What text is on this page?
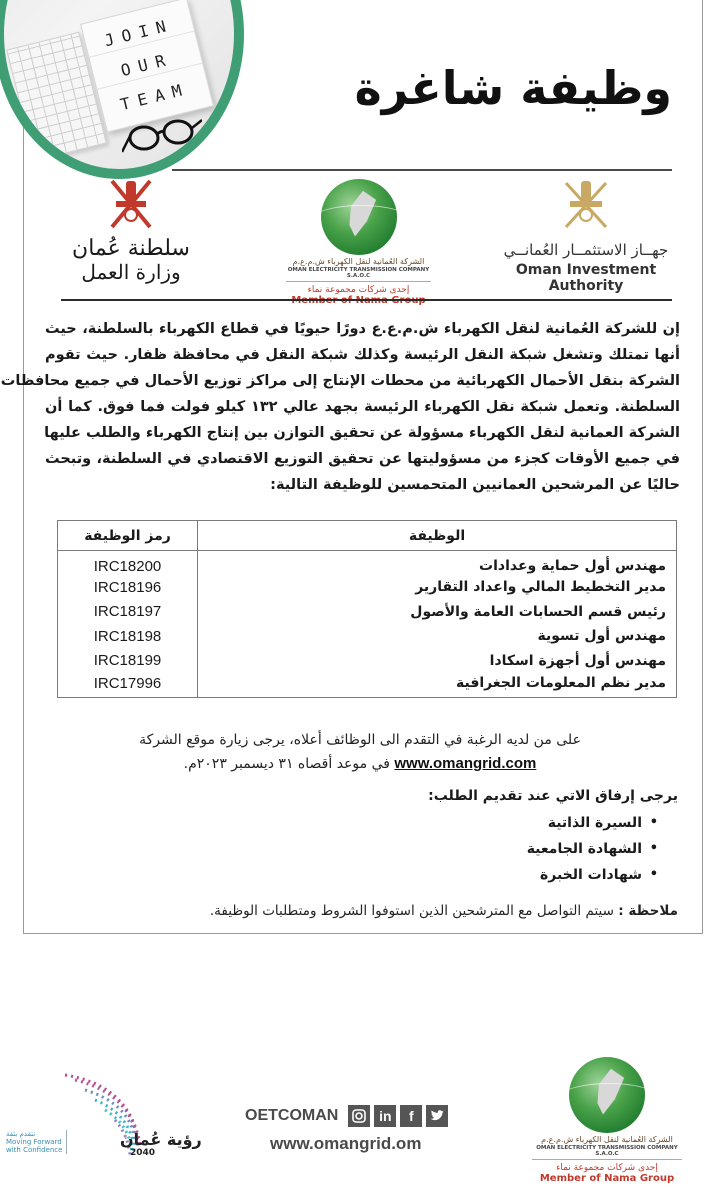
JOIN
OUR
TEAM	وظيفة شاغرة
سلطنة عُمان
وزارة العمل	الشركة العُمانية لنقل الكهرباء ش.م.ع.م
OMAN ELECTRICITY TRANSMISSION COMPANY S.A.O.C
إحدى شركات مجموعة نماء
جهــاز الاستثمــار العُمانــي
Oman Investment Authority
إن للشركة العُمانية لنقل الكهرباء ش.م.ع.ع دورًا حيويًا في قطاع الكهرباء بالسلطنة، حيث
أنها تمتلك وتشغل شبكة النقل الرئيسة وكذلك شبكة النقل في محافظة ظفار. حيث تقوم
الشركة بنقل الأحمال الكهربائية من محطات الإنتاج إلى مراكز توزيع الأحمال في جميع محافظات
السلطنة. وتعمل شبكة نقل الكهرباء الرئيسة بجهد عالي ١٣٢ كيلو فولت فما فوق. كما أن
الشركة العمانية لنقل الكهرباء مسؤولة عن تحقيق التوازن بين إنتاج الكهرباء والطلب عليها
في جميع الأوقات كجزء من مسؤوليتها عن تحقيق التوزيع الاقتصادي في السلطنة، وتبحث
حاليًا عن المرشحين العمانيين المتحمسين للوظيفة التالية:
الوظيفة	رمز الوظيفة
مهندس أول حماية وعدادات	IRC18200
مدير التخطيط المالي واعداد التقارير	IRC18196
رئيس قسم الحسابات العامة والأصول	IRC18197
مهندس أول تسوية	IRC18198
مهندس أول أجهزة اسكادا	IRC18199
مدير نظم المعلومات الجغرافية	IRC17996
على من لديه الرغبة في التقدم الى الوظائف أعلاه، يرجى زيارة موقع الشركة
www.omangrid.com في موعد أقصاه ٣١ ديسمبر ٢٠٢٣م.
يرجى إرفاق الاتي عند تقديم الطلب:
• السيرة الذاتية
• الشهادة الجامعية
• شهادات الخبرة
ملاحظة : سيتم التواصل مع المترشحين الذين استوفوا الشروط ومتطلبات الوظيفة.
نتقدم بثقة
Moving Forward
with Confidence
رؤية عُمان
2040
OETCOMAN	in	f
www.omangrid.om	الشركة العُمانية لنقل الكهرباء ش.م.ع.م
OMAN ELECTRICITY TRANSMISSION COMPANY S.A.O.C
إحدى شركات مجموعة نماء
Member of Nama Group
